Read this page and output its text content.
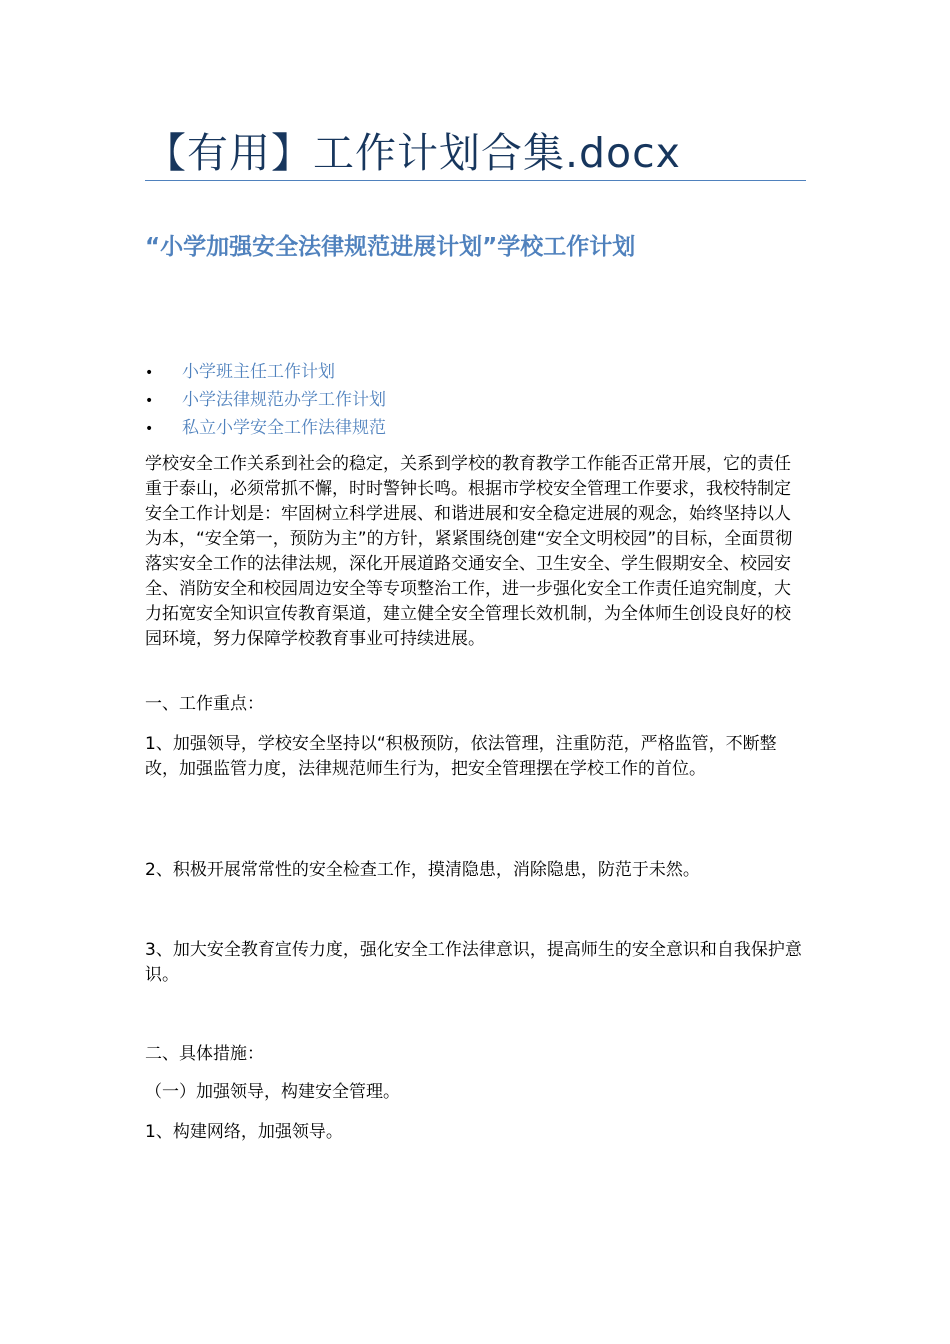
【有用】工作计划合集.docx
“小学加强安全法律规范进展计划”学校工作计划
• 小学班主任工作计划
• 小学法律规范办学工作计划
• 私立小学安全工作法律规范
学校安全工作关系到社会的稳定，关系到学校的教育教学工作能否正常开展，它的责任重于泰山，必须常抓不懈，时时警钟长鸣。根据市学校安全管理工作要求，我校特制定安全工作计划是：牢固树立科学进展、和谐进展和安全稳定进展的观念，始终坚持以人为本，“安全第一，预防为主”的方针，紧紧围绕创建“安全文明校园”的目标，全面贯彻落实安全工作的法律法规，深化开展道路交通安全、卫生安全、学生假期安全、校园安全、消防安全和校园周边安全等专项整治工作，进一步强化安全工作责任追究制度，大力拓宽安全知识宣传教育渠道，建立健全安全管理长效机制，为全体师生创设良好的校园环境，努力保障学校教育事业可持续进展。
一、工作重点：
1、加强领导，学校安全坚持以“积极预防，依法管理，注重防范，严格监管，不断整改，加强监管力度，法律规范师生行为，把安全管理摆在学校工作的首位。
2、积极开展常常性的安全检查工作，摸清隐患，消除隐患，防范于未然。
3、加大安全教育宣传力度，强化安全工作法律意识，提高师生的安全意识和自我保护意识。
二、具体措施：
（一）加强领导，构建安全管理。
1、构建网络，加强领导。
